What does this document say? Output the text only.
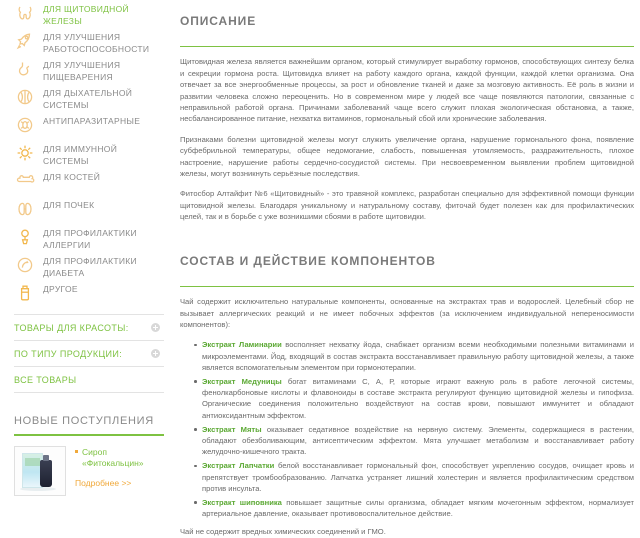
ДЛЯ ЩИТОВИДНОЙ ЖЕЛЕЗЫ
ДЛЯ УЛУЧШЕНИЯ РАБОТОСПОСОБНОСТИ
ДЛЯ УЛУЧШЕНИЯ ПИЩЕВАРЕНИЯ
ДЛЯ ДЫХАТЕЛЬНОЙ СИСТЕМЫ
АНТИПАРАЗИТАРНЫЕ
ДЛЯ ИММУННОЙ СИСТЕМЫ
ДЛЯ КОСТЕЙ
ДЛЯ ПОЧЕК
ДЛЯ ПРОФИЛАКТИКИ АЛЛЕРГИИ
ДЛЯ ПРОФИЛАКТИКИ ДИАБЕТА
ДРУГОЕ
ТОВАРЫ ДЛЯ КРАСОТЫ:
ПО ТИПУ ПРОДУКЦИИ:
ВСЕ ТОВАРЫ
НОВЫЕ ПОСТУПЛЕНИЯ
Сироп «Фитокальцин»
Подробнее >>
ОПИСАНИЕ

Щитовидная железа является важнейшим органом, который стимулирует выработку гормонов, способствующих синтезу белка и секреции гормона роста. Щитовидка влияет на работу каждого органа, каждой функции, каждой клетки организма. Она отвечает за все энергообменные процессы, за рост и обновление тканей и даже за мозговую активность. Её роль в жизни и развитии человека сложно переоценить. Но в современном мире у людей все чаще появляются патологии, связанные с неправильной работой органа. Причинами заболеваний чаще всего служит плохая экологическая обстановка, а также, несбалансированное питание, нехватка витаминов, гормональный сбой или хронические заболевания.

Признаками болезни щитовидной железы могут служить увеличение органа, нарушение гормонального фона, появление субфебрильной температуры, общее недомогание, слабость, повышенная утомляемость, раздражительность, плохое настроение, нарушение работы сердечно-сосудистой системы. При несвоевременном выявлении проблем щитовидной железы, могут возникнуть серьёзные последствия.

Фитосбор Алтайфит №6 «Щитовидный» - это травяной комплекс, разработан специально для эффективной помощи функции щитовидной железы. Благодаря уникальному и натуральному составу, фиточай будет полезен как для профилактических целей, так и в борьбе с уже возникшими сбоями в работе щитовидки.

СОСТАВ И ДЕЙСТВИЕ КОМПОНЕНТОВ

Чай содержит исключительно натуральные компоненты, основанные на экстрактах трав и водорослей. Целебный сбор не вызывает аллергических реакций и не имеет побочных эффектов (за исключением индивидуальной непереносимости компонентов):

Экстракт Ламинарии восполняет нехватку йода, снабжает организм всеми необходимыми полезными витаминами и микроэлементами. Йод, входящий в состав экстракта восстанавливает правильную работу щитовидной железы, а также является вспомогательным элементом при гормонотерапии.
Экстракт Медуницы богат витаминами С, А, Р, которые играют важную роль в работе легочной системы, фенолкарбоновые кислоты и флавоноиды в составе экстракта регулируют функцию щитовидной железы и гипофиза. Органические соединения положительно воздействуют на состав крови, повышают иммунитет и обладают антиоксидантным эффектом.
Экстракт Мяты оказывает седативное воздействие на нервную систему. Элементы, содержащиеся в растении, обладают обезболивающим, антисептическим эффектом. Мята улучшает метаболизм и восстанавливает работу желудочно-кишечного тракта.
Экстракт Лапчатки белой восстанавливает гормональный фон, способствует укреплению сосудов, очищает кровь и препятствует тромбообразованию. Лапчатка устраняет лишний холестерин и является профилактическим средством против инсульта.
Экстракт шиповника повышает защитные силы организма, обладает мягким мочегонным эффектом, нормализует артериальное давление, оказывает противовоспалительное действие.

Чай не содержит вредных химических соединений и ГМО.
